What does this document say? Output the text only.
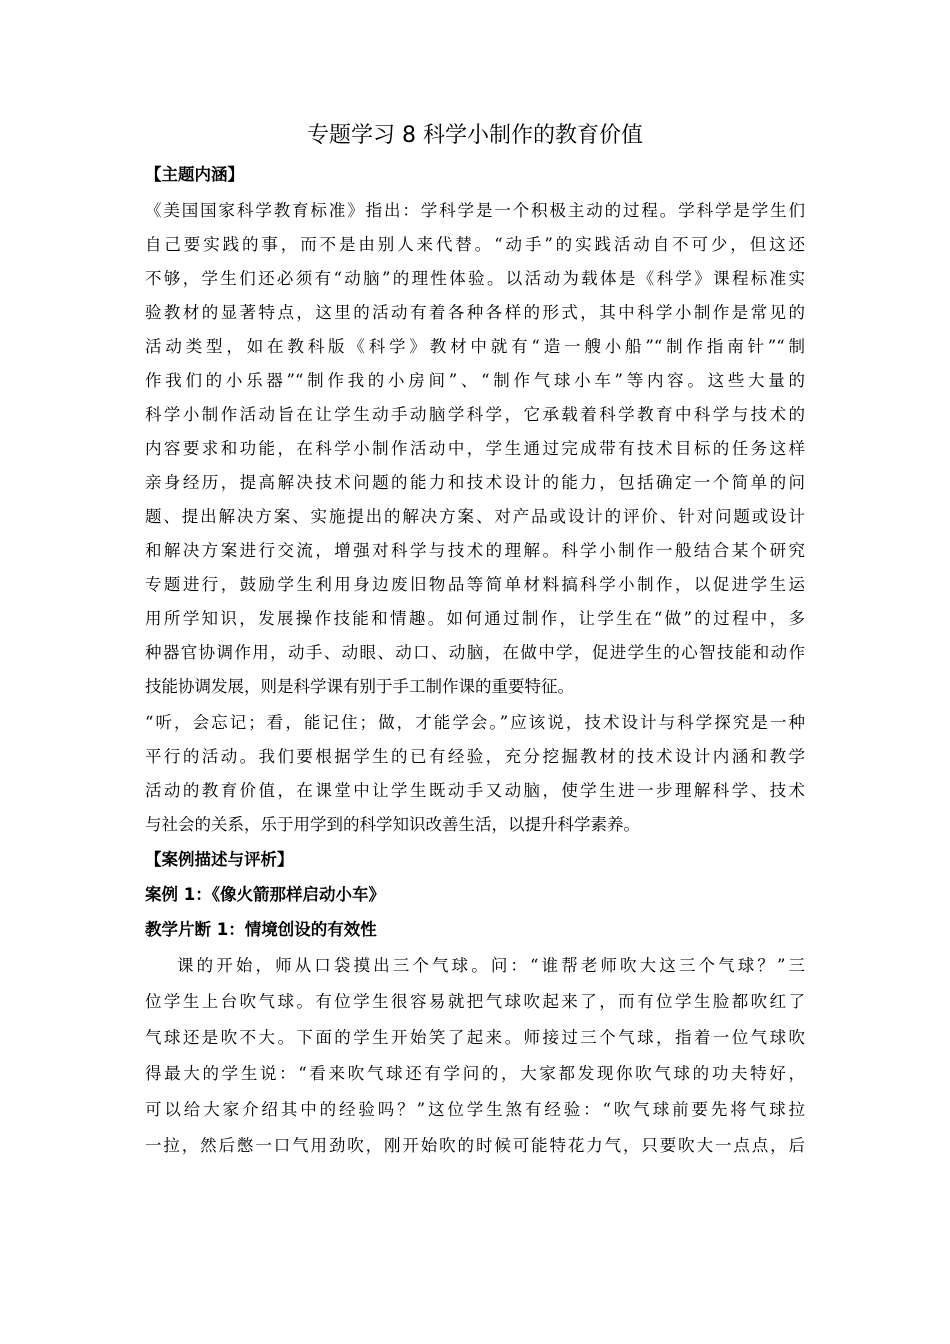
专题学习 8 科学小制作的教育价值
【主题内涵】
《美国国家科学教育标准》指出：学科学是一个积极主动的过程。学科学是学生们
自己要实践的事，而不是由别人来代替。“动手”的实践活动自不可少，但这还
不够，学生们还必须有“动脑”的理性体验。以活动为载体是《科学》课程标准实
验教材的显著特点，这里的活动有着各种各样的形式，其中科学小制作是常见的
活动类型，如在教科版《科学》教材中就有“造一艘小船”“制作指南针”“制
作我们的小乐器”“制作我的小房间”、“制作气球小车”等内容。这些大量的
科学小制作活动旨在让学生动手动脑学科学，它承载着科学教育中科学与技术的
内容要求和功能，在科学小制作活动中，学生通过完成带有技术目标的任务这样
亲身经历，提高解决技术问题的能力和技术设计的能力，包括确定一个简单的问
题、提出解决方案、实施提出的解决方案、对产品或设计的评价、针对问题或设计
和解决方案进行交流，增强对科学与技术的理解。科学小制作一般结合某个研究
专题进行，鼓励学生利用身边废旧物品等简单材料搞科学小制作，以促进学生运
用所学知识，发展操作技能和情趣。如何通过制作，让学生在“做”的过程中，多
种器官协调作用，动手、动眼、动口、动脑，在做中学，促进学生的心智技能和动作
技能协调发展，则是科学课有别于手工制作课的重要特征。
“听，会忘记；看，能记住；做，才能学会。”应该说，技术设计与科学探究是一种
平行的活动。我们要根据学生的已有经验，充分挖掘教材的技术设计内涵和教学
活动的教育价值，在课堂中让学生既动手又动脑，使学生进一步理解科学、技术
与社会的关系，乐于用学到的科学知识改善生活，以提升科学素养。
【案例描述与评析】
案例 1：《像火箭那样启动小车》
教学片断 1：情境创设的有效性
课的开始，师从口袋摸出三个气球。问：“谁帮老师吹大这三个气球？”三
位学生上台吹气球。有位学生很容易就把气球吹起来了，而有位学生脸都吹红了
气球还是吹不大。下面的学生开始笑了起来。师接过三个气球，指着一位气球吹
得最大的学生说：“看来吹气球还有学问的，大家都发现你吹气球的功夫特好，
可以给大家介绍其中的经验吗？”这位学生煞有经验：“吹气球前要先将气球拉
一拉，然后憋一口气用劲吹，刚开始吹的时候可能特花力气，只要吹大一点点，后
